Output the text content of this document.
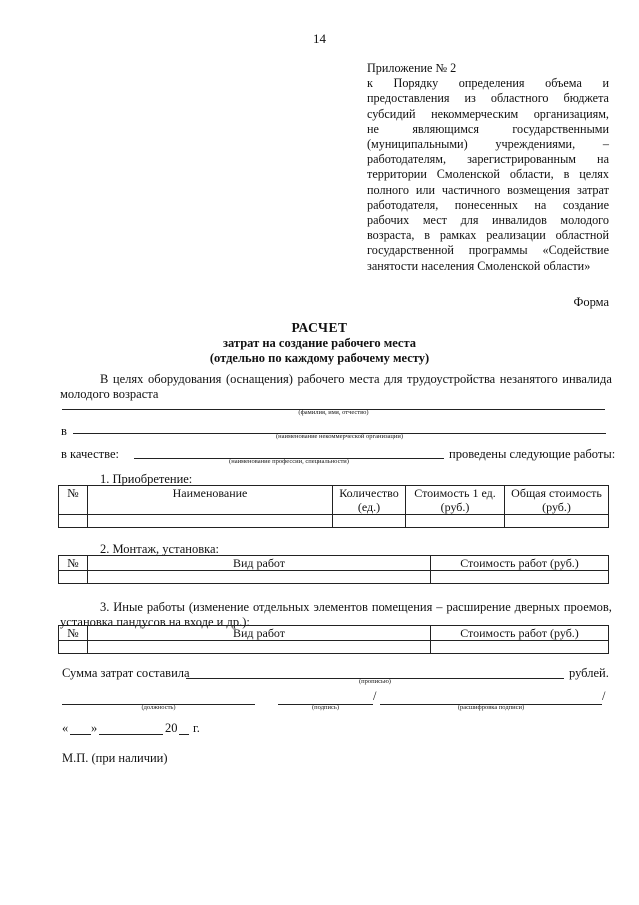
14
Приложение № 2
к Порядку определения объема и
предоставления из областного бюджета
субсидий некоммерческим организациям,
не	являющимся	государственными
(муниципальными) учреждениями, –
работодателям, зарегистрированным на
территории Смоленской области, в целях
полного или частичного возмещения затрат
работодателя, понесенных на создание
рабочих мест для инвалидов молодого
возраста, в рамках реализации областной
государственной программы «Содействие
занятости населения Смоленской области»
Форма
РАСЧЕТ
затрат на создание рабочего места
(отдельно по каждому рабочему месту)
В целях оборудования (оснащения) рабочего места для трудоустройства незанятого инвалида
молодого возраста
(фамилия, имя, отчество)
в	(наименование некоммерческой организации)
в качестве:
(наименование профессии, специальности)
проведены следующие работы:
1. Приобретение:
№	Наименование	Количество (ед.)	Стоимость 1 ед. (руб.)	Общая стоимость (руб.)

2. Монтаж, установка:
№	Вид работ	Стоимость работ (руб.)

3. Иные работы (изменение отдельных элементов помещения – расширение дверных проемов,
установка пандусов на входе и др.):
№	Вид работ	Стоимость работ (руб.)

Сумма затрат составила
(прописью)
рублей.
(должность)	(подпись)
/
(расшифровка подписи)
/
« »	20 г.
М.П. (при наличии)
